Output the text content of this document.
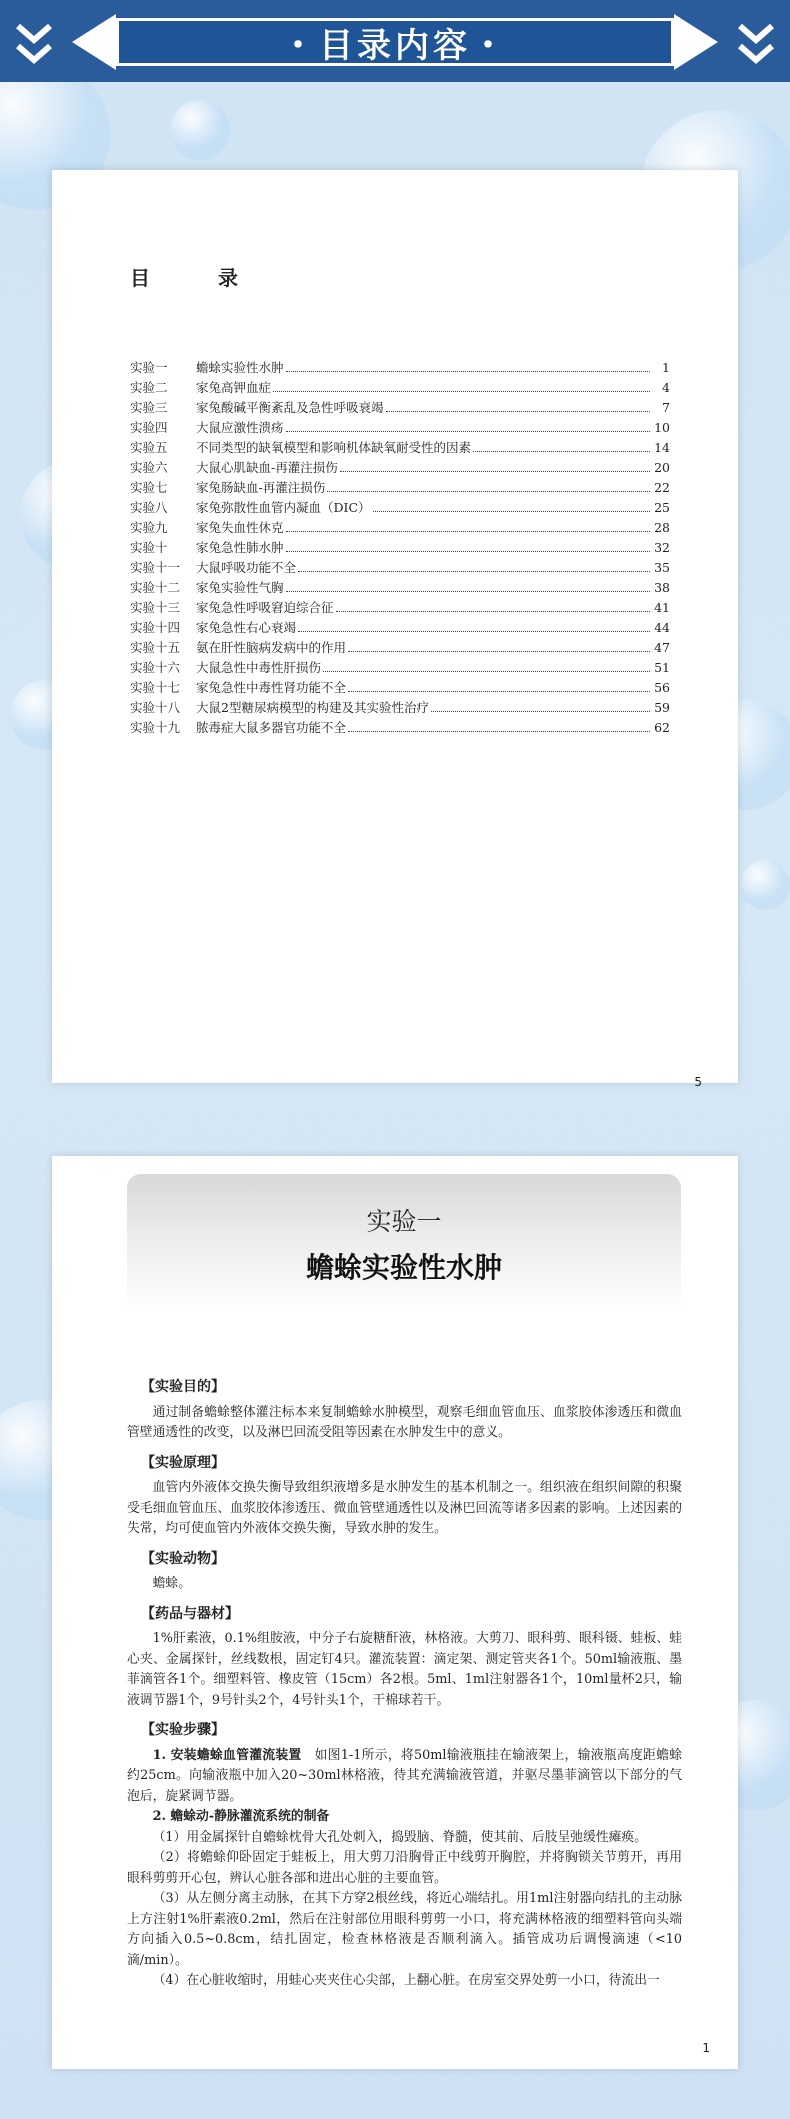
・目录内容・
目　录
实验一	蟾蜍实验性水肿	1
实验二	家兔高钾血症	4
实验三	家兔酸碱平衡紊乱及急性呼吸衰竭	7
实验四	大鼠应激性溃疡	10
实验五	不同类型的缺氧模型和影响机体缺氧耐受性的因素	14
实验六	大鼠心肌缺血-再灌注损伤	20
实验七	家兔肠缺血-再灌注损伤	22
实验八	家兔弥散性血管内凝血（DIC）	25
实验九	家兔失血性休克	28
实验十	家兔急性肺水肿	32
实验十一	大鼠呼吸功能不全	35
实验十二	家兔实验性气胸	38
实验十三	家兔急性呼吸窘迫综合征	41
实验十四	家兔急性右心衰竭	44
实验十五	氨在肝性脑病发病中的作用	47
实验十六	大鼠急性中毒性肝损伤	51
实验十七	家兔急性中毒性肾功能不全	56
实验十八	大鼠2型糖尿病模型的构建及其实验性治疗	59
实验十九	脓毒症大鼠多器官功能不全	62
5
实验一
蟾蜍实验性水肿
【实验目的】

通过制备蟾蜍整体灌注标本来复制蟾蜍水肿模型，观察毛细血管血压、血浆胶体渗透压和微血管壁通透性的改变，以及淋巴回流受阻等因素在水肿发生中的意义。

【实验原理】

血管内外液体交换失衡导致组织液增多是水肿发生的基本机制之一。组织液在组织间隙的积聚受毛细血管血压、血浆胶体渗透压、微血管壁通透性以及淋巴回流等诸多因素的影响。上述因素的失常，均可使血管内外液体交换失衡，导致水肿的发生。

【实验动物】

蟾蜍。

【药品与器材】

1%肝素液，0.1%组胺液，中分子右旋糖酐液，林格液。大剪刀、眼科剪、眼科镊、蛙板、蛙心夹、金属探针，丝线数根，固定钉4只。灌流装置：滴定架、测定管夹各1个。50ml输液瓶、墨菲滴管各1个。细塑料管、橡皮管（15cm）各2根。5ml、1ml注射器各1个，10ml量杯2只，输液调节器1个，9号针头2个，4号针头1个，干棉球若干。

【实验步骤】

1. 安装蟾蜍血管灌流装置　 如图1-1所示，将50ml输液瓶挂在输液架上，输液瓶高度距蟾蜍约25cm。向输液瓶中加入20~30ml林格液，待其充满输液管道，并驱尽墨菲滴管以下部分的气泡后，旋紧调节器。

2. 蟾蜍动-静脉灌流系统的制备

（1）用金属探针自蟾蜍枕骨大孔处刺入，捣毁脑、脊髓，使其前、后肢呈弛缓性瘫痪。

（2）将蟾蜍仰卧固定于蛙板上，用大剪刀沿胸骨正中线剪开胸腔，并将胸锁关节剪开，再用眼科剪剪开心包，辨认心脏各部和进出心脏的主要血管。

（3）从左侧分离主动脉，在其下方穿2根丝线，将近心端结扎。用1ml注射器向结扎的主动脉上方注射1%肝素液0.2ml，然后在注射部位用眼科剪剪一小口，将充满林格液的细塑料管向头端方向插入0.5~0.8cm，结扎固定，检查林格液是否顺利滴入。插管成功后调慢滴速（<10滴/min）。

（4）在心脏收缩时，用蛙心夹夹住心尖部，上翻心脏。在房室交界处剪一小口，待流出一

1
